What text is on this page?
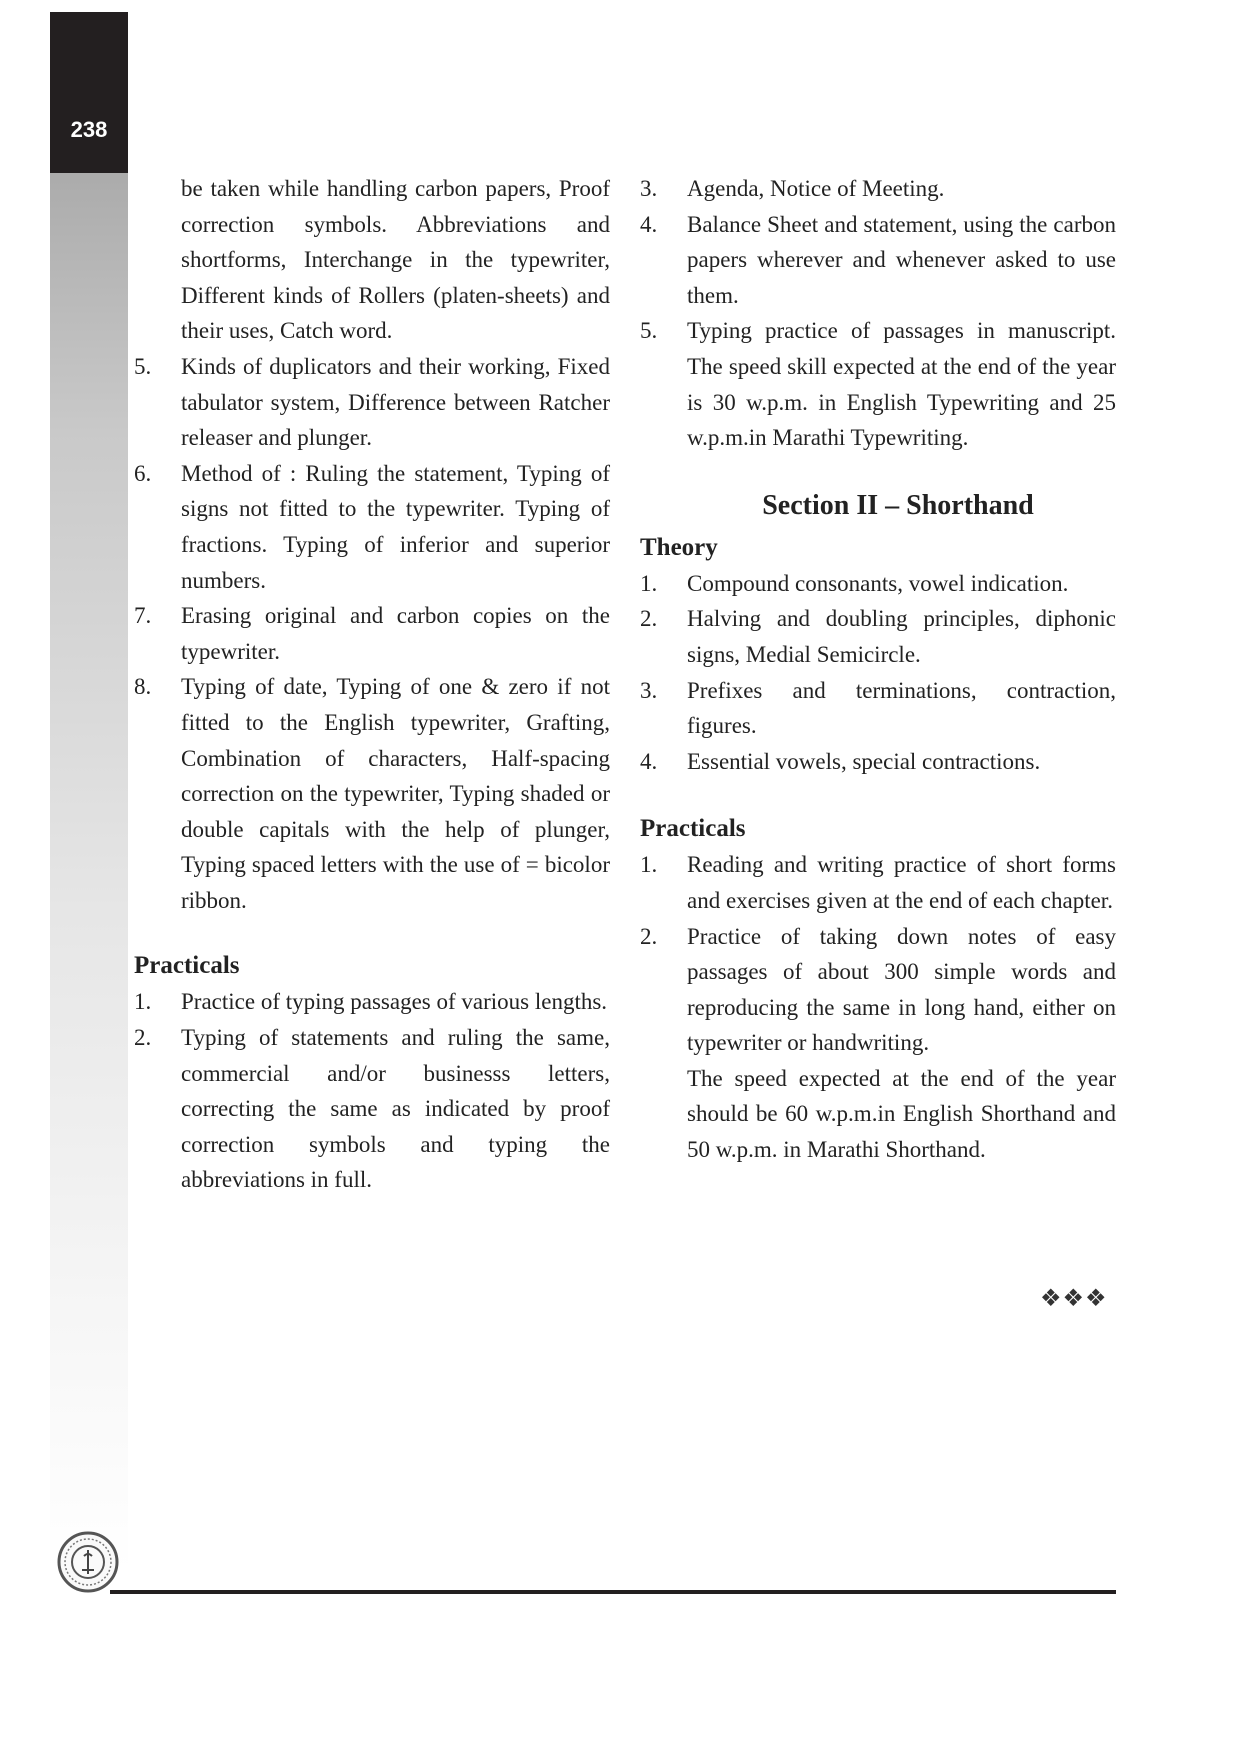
238
be taken while handling carbon papers, Proof correction symbols. Abbreviations and shortforms, Interchange in the typewriter, Different kinds of Rollers (platen-sheets) and their uses, Catch word.
5.	Kinds of duplicators and their working, Fixed tabulator system, Difference between Ratcher releaser and plunger.
6.	Method of : Ruling the statement, Typing of signs not fitted to the typewriter. Typing of fractions. Typing of inferior and superior numbers.
7.	Erasing original and carbon copies on the typewriter.
8.	Typing of date, Typing of one & zero if not fitted to the English typewriter, Grafting, Combination of characters, Half-spacing correction on the typewriter, Typing shaded or double capitals with the help of plunger, Typing spaced letters with the use of = bicolor ribbon.
Practicals
1.	Practice of typing passages of various lengths.
2.	Typing of statements and ruling the same, commercial and/or businesss letters, correcting the same as indicated by proof correction symbols and typing the abbreviations in full.
3.	Agenda, Notice of Meeting.
4.	Balance Sheet and statement, using the carbon papers wherever and whenever asked to use them.
5.	Typing practice of passages in manuscript. The speed skill expected at the end of the year is 30 w.p.m. in English Typewriting and 25 w.p.m.in Marathi Typewriting.
Section II – Shorthand
Theory
1.	Compound consonants, vowel indication.
2.	Halving and doubling principles, diphonic signs, Medial Semicircle.
3.	Prefixes and terminations, contraction, figures.
4.	Essential vowels, special contractions.
Practicals
1.	Reading and writing practice of short forms and exercises given at the end of each chapter.
2.	Practice of taking down notes of easy passages of about 300 simple words and reproducing the same in long hand, either on typewriter or handwriting.
The speed expected at the end of the year should be 60 w.p.m.in English Shorthand and 50 w.p.m. in Marathi Shorthand.
❖❖❖
